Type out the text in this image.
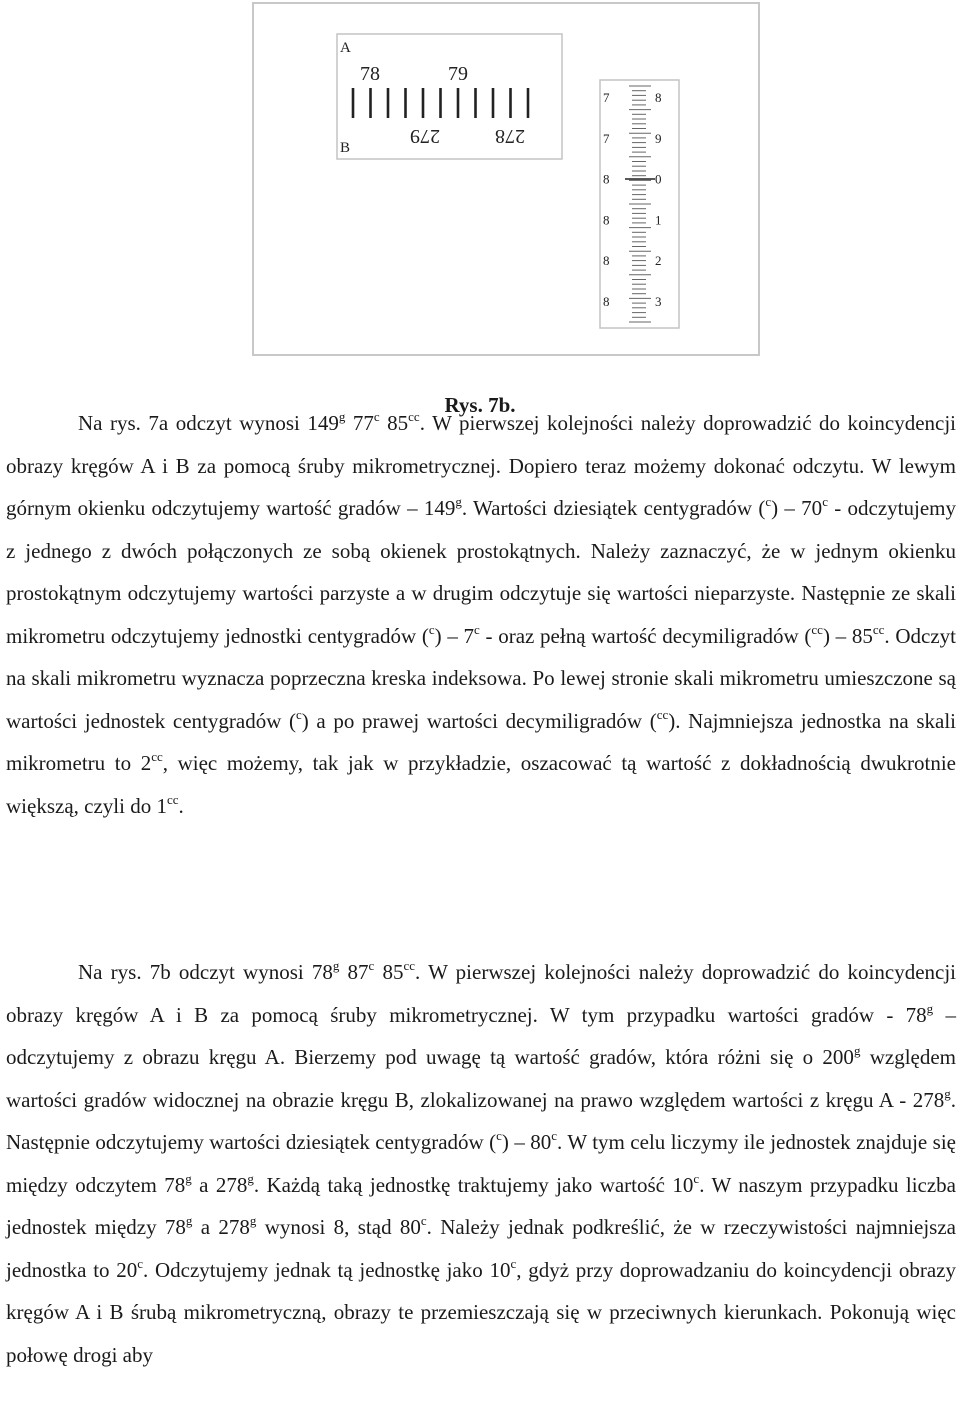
A
B
78	79
279	278
7	8
7	9
8	0
8	1
8	2
8	3
Rys. 7b.

Na rys. 7a odczyt wynosi 149$^g$ 77$^c$ $85^{cc}$. W pierwszej kolejności należy doprowadzić do koincydencji obrazy kręgów A i B za pomocą śruby mikrometrycznej. Dopiero teraz możemy dokonać odczytu. W lewym górnym okienku odczytujemy wartość gradów – 149$^g$. Wartości dziesiątek centygradów ($^c$) – 70$^c$ - odczytujemy z jednego z dwóch połączonych ze sobą okienek prostokątnych. Należy zaznaczyć, że w jednym okienku prostokątnym odczytujemy wartości parzyste a w drugim odczytuje się wartości nieparzyste. Następnie ze skali mikrometru odczytujemy jednostki centygradów ($^c$) – 7$^c$ - oraz pełną wartość decymiligradów $(^{cc}) - 85^{cc}$. Odczyt na skali mikrometru wyznacza poprzeczna kreska indeksowa. Po lewej stronie skali mikrometru umieszczone są wartości jednostek centygradów ($^c$) a po prawej wartości decymiligradów ($^{cc}$). Najmniejsza jednostka na skali mikrometru to $2^{cc}$, więc możemy, tak jak w przykładzie, oszacować tą wartość z dokładnością dwukrotnie większą, czyli do $1^{cc}$.

Na rys. 7b odczyt wynosi 78$^g$ 87$^c$ $85^{cc}$. W pierwszej kolejności należy doprowadzić do koincydencji obrazy kręgów A i B za pomocą śruby mikrometrycznej. W tym przypadku wartości gradów - 78$^g$ – odczytujemy z obrazu kręgu A. Bierzemy pod uwagę tą wartość gradów, która różni się o 200$^g$ względem wartości gradów widocznej na obrazie kręgu B, zlokalizowanej na prawo względem wartości z kręgu A - 278$^g$. Następnie odczytujemy wartości dziesiątek centygradów ($^c$) – 80$^c$. W tym celu liczymy ile jednostek znajduje się między odczytem 78$^g$ a 278$^g$. Każdą taką jednostkę traktujemy jako wartość 10$^c$. W naszym przypadku liczba jednostek między 78$^g$ a 278$^g$ wynosi 8, stąd 80$^c$. Należy jednak podkreślić, że w rzeczywistości najmniejsza jednostka to 20$^c$. Odczytujemy jednak tą jednostkę jako 10$^c$, gdyż przy doprowadzaniu do koincydencji obrazy kręgów A i B śrubą mikrometryczną, obrazy te przemieszczają się w przeciwnych kierunkach. Pokonują więc połowę drogi aby
